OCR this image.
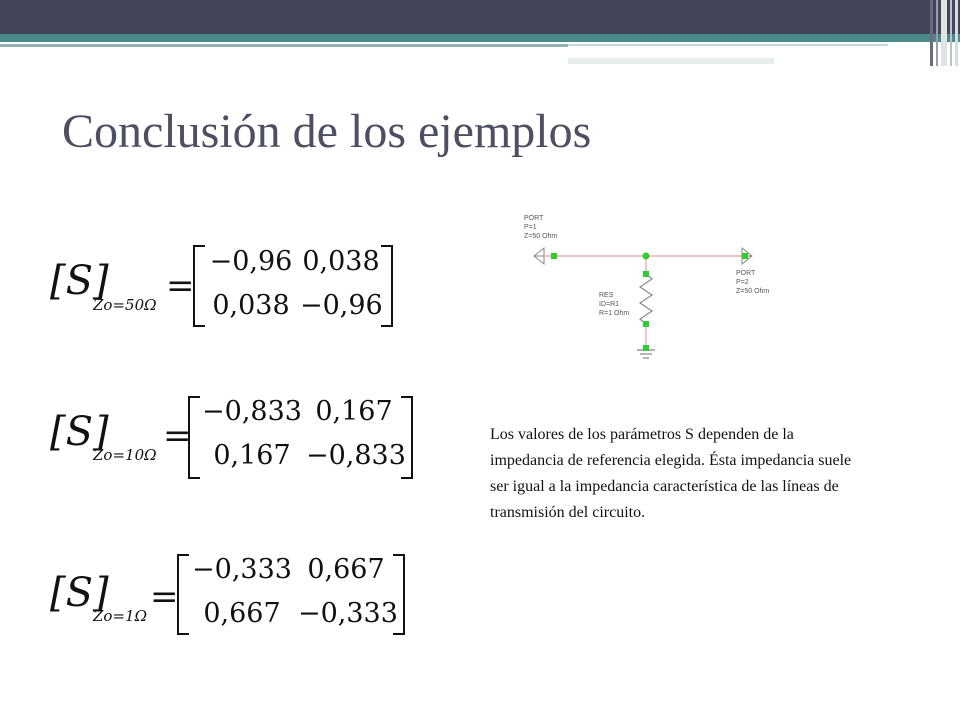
Conclusión de los ejemplos
[S]
Zo=50Ω =
−0,96 0,038
0,038 −0,96
[S]
Zo=10Ω =
−0,833 0,167
0,167 −0,833
[S]
Zo=1Ω =
−0,333 0,667
0,667 −0,333
PORT
P=1
Z=50 Ohm
PORT
P=2
Z=50 Ohm
RES
ID=R1
R=1 Ohm

Los valores de los parámetros S dependen de la impedancia de referencia elegida. Ésta impedancia suele ser igual a la impedancia característica de las líneas de transmisión del circuito.
